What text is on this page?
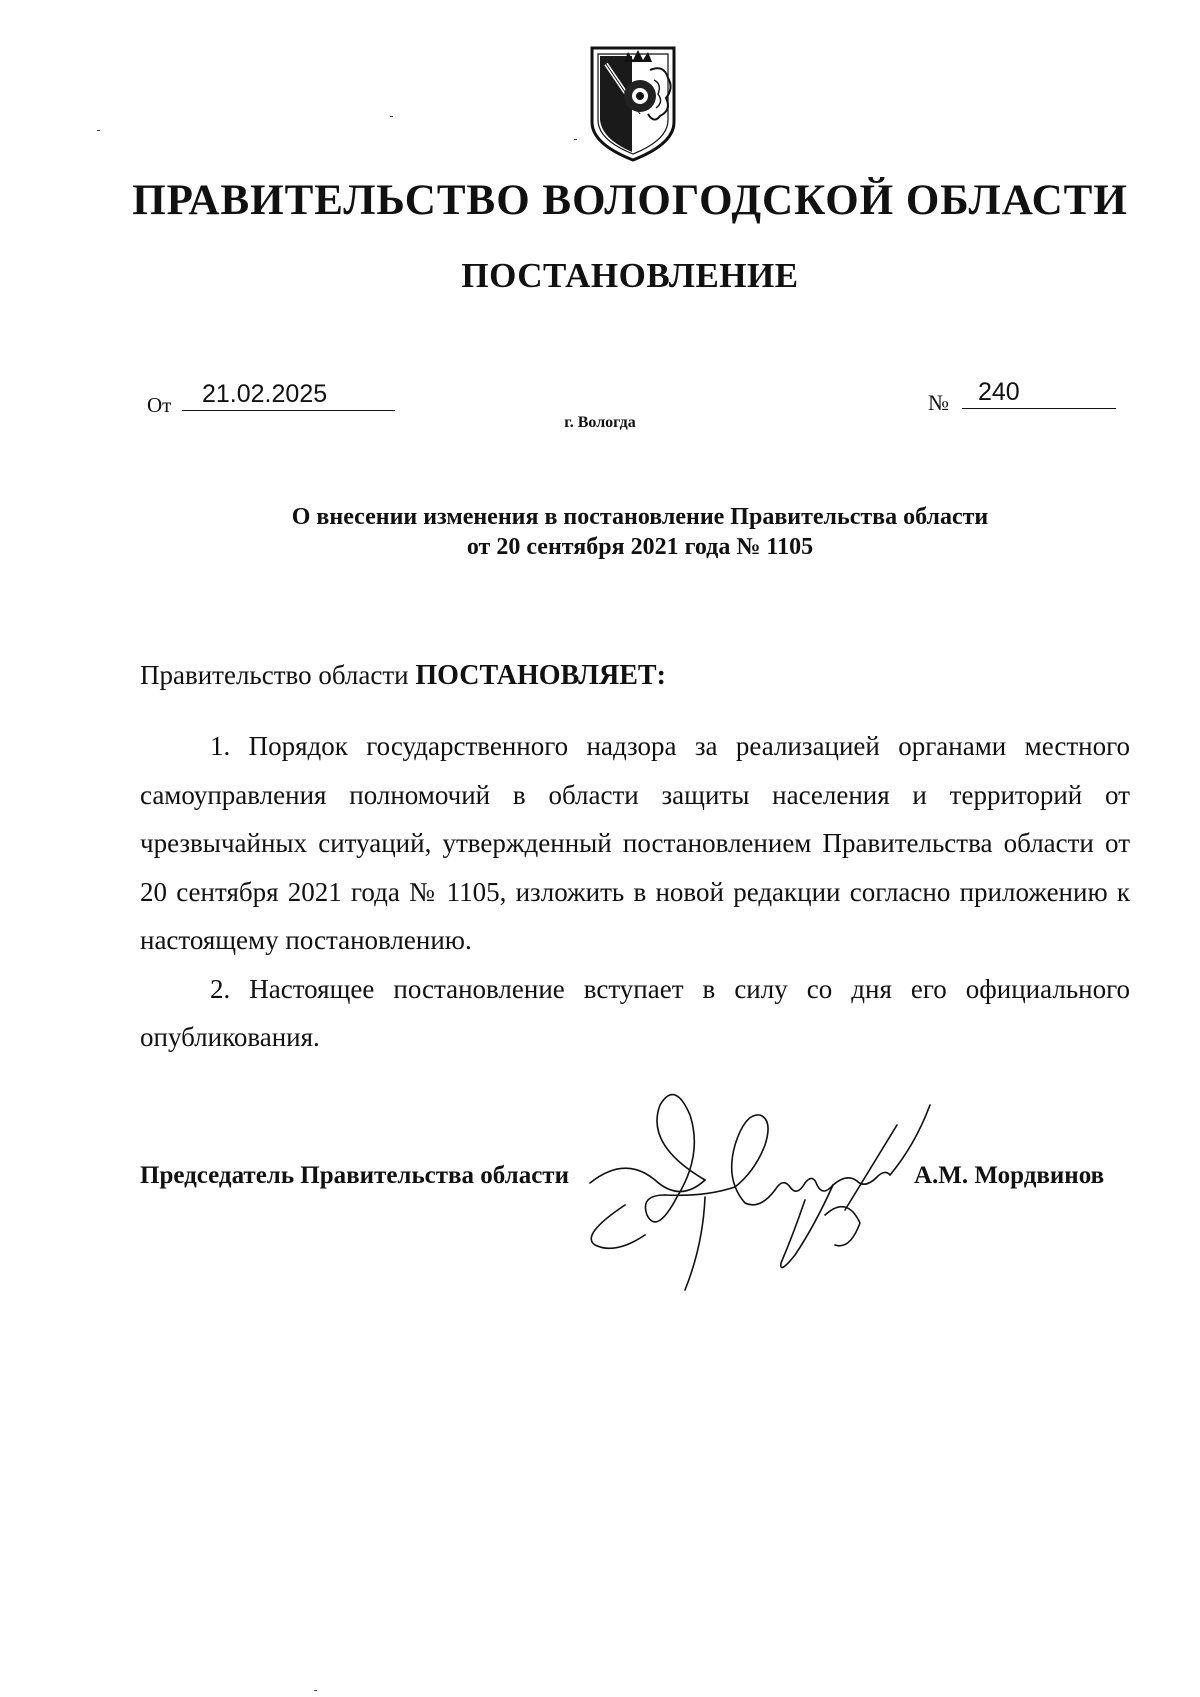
ПРАВИТЕЛЬСТВО ВОЛОГОДСКОЙ ОБЛАСТИ
ПОСТАНОВЛЕНИЕ
От	21.02.2025	№	240
г. Вологда
О внесении изменения в постановление Правительства области
от 20 сентября 2021 года № 1105
Правительство области ПОСТАНОВЛЯЕТ:

1. Порядок государственного надзора за реализацией органами местного самоуправления полномочий в области защиты населения и территорий от чрезвычайных ситуаций, утвержденный постановлением Правительства области от 20 сентября 2021 года № 1105, изложить в новой редакции согласно приложению к настоящему постановлению.

2. Настоящее постановление вступает в силу со дня его официального опубликования.

Председатель Правительства области	А.М. Мордвинов
